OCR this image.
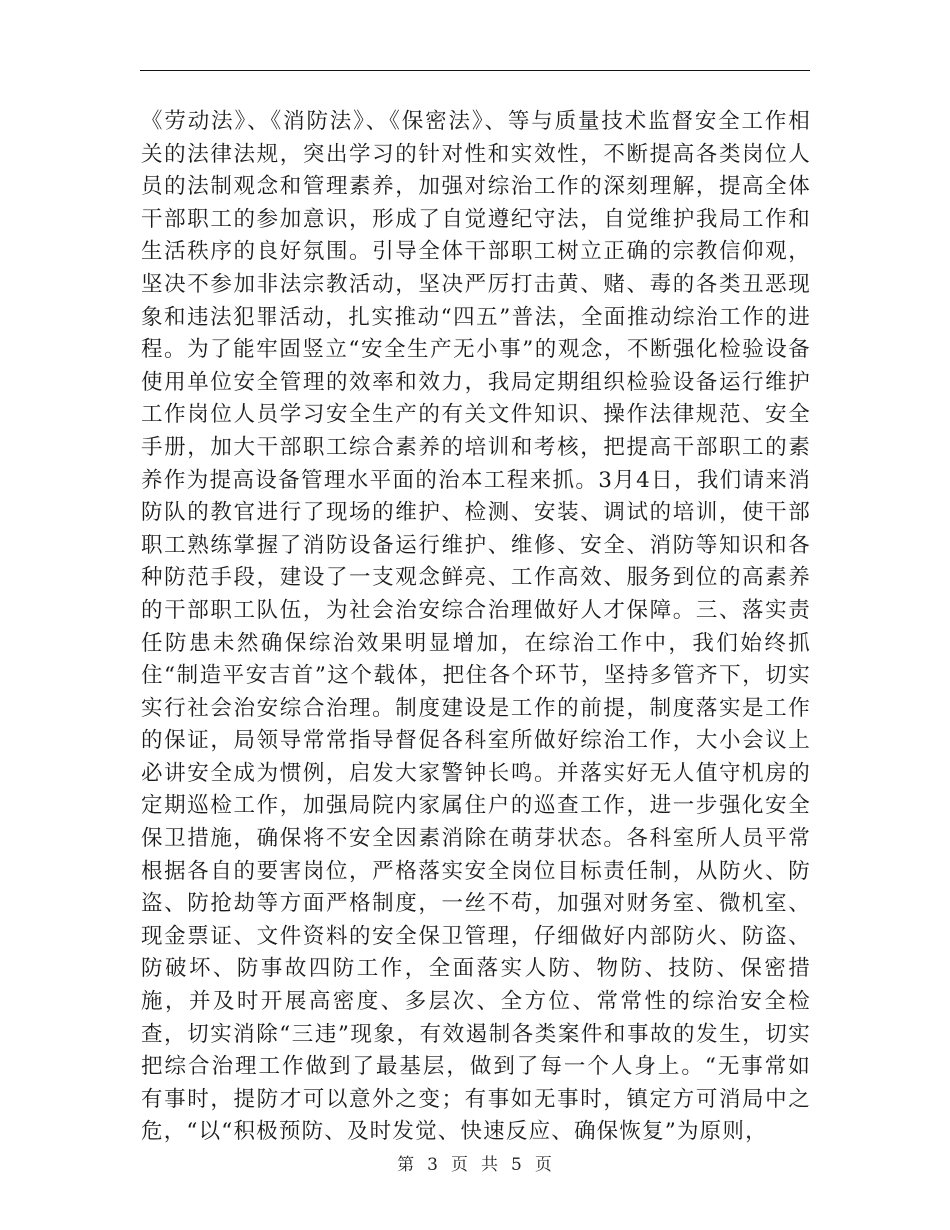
《劳动法》、《消防法》、《保密法》、等与质量技术监督安全工作相关的法律法规，突出学习的针对性和实效性，不断提高各类岗位人员的法制观念和管理素养，加强对综治工作的深刻理解，提高全体干部职工的参加意识，形成了自觉遵纪守法，自觉维护我局工作和生活秩序的良好氛围。引导全体干部职工树立正确的宗教信仰观，坚决不参加非法宗教活动，坚决严厉打击黄、赌、毒的各类丑恶现象和违法犯罪活动，扎实推动“四五”普法，全面推动综治工作的进程。为了能牢固竖立“安全生产无小事”的观念，不断强化检验设备使用单位安全管理的效率和效力，我局定期组织检验设备运行维护工作岗位人员学习安全生产的有关文件知识、操作法律规范、安全手册，加大干部职工综合素养的培训和考核，把提高干部职工的素养作为提高设备管理水平面的治本工程来抓。3月4日，我们请来消防队的教官进行了现场的维护、检测、安装、调试的培训，使干部职工熟练掌握了消防设备运行维护、维修、安全、消防等知识和各种防范手段，建设了一支观念鲜亮、工作高效、服务到位的高素养的干部职工队伍，为社会治安综合治理做好人才保障。三、落实责任防患未然确保综治效果明显增加，在综治工作中，我们始终抓住“制造平安吉首”这个载体，把住各个环节，坚持多管齐下，切实实行社会治安综合治理。制度建设是工作的前提，制度落实是工作的保证，局领导常常指导督促各科室所做好综治工作，大小会议上必讲安全成为惯例，启发大家警钟长鸣。并落实好无人值守机房的定期巡检工作，加强局院内家属住户的巡查工作，进一步强化安全保卫措施，确保将不安全因素消除在萌芽状态。各科室所人员平常根据各自的要害岗位，严格落实安全岗位目标责任制，从防火、防盗、防抢劫等方面严格制度，一丝不苟，加强对财务室、微机室、现金票证、文件资料的安全保卫管理，仔细做好内部防火、防盗、防破坏、防事故四防工作，全面落实人防、物防、技防、保密措施，并及时开展高密度、多层次、全方位、常常性的综治安全检查，切实消除“三违”现象，有效遏制各类案件和事故的发生，切实把综合治理工作做到了最基层，做到了每一个人身上。“无事常如有事时，提防才可以意外之变；有事如无事时，镇定方可消局中之危，“以“积极预防、及时发觉、快速反应、确保恢复”为原则，

第 3 页 共 5 页
